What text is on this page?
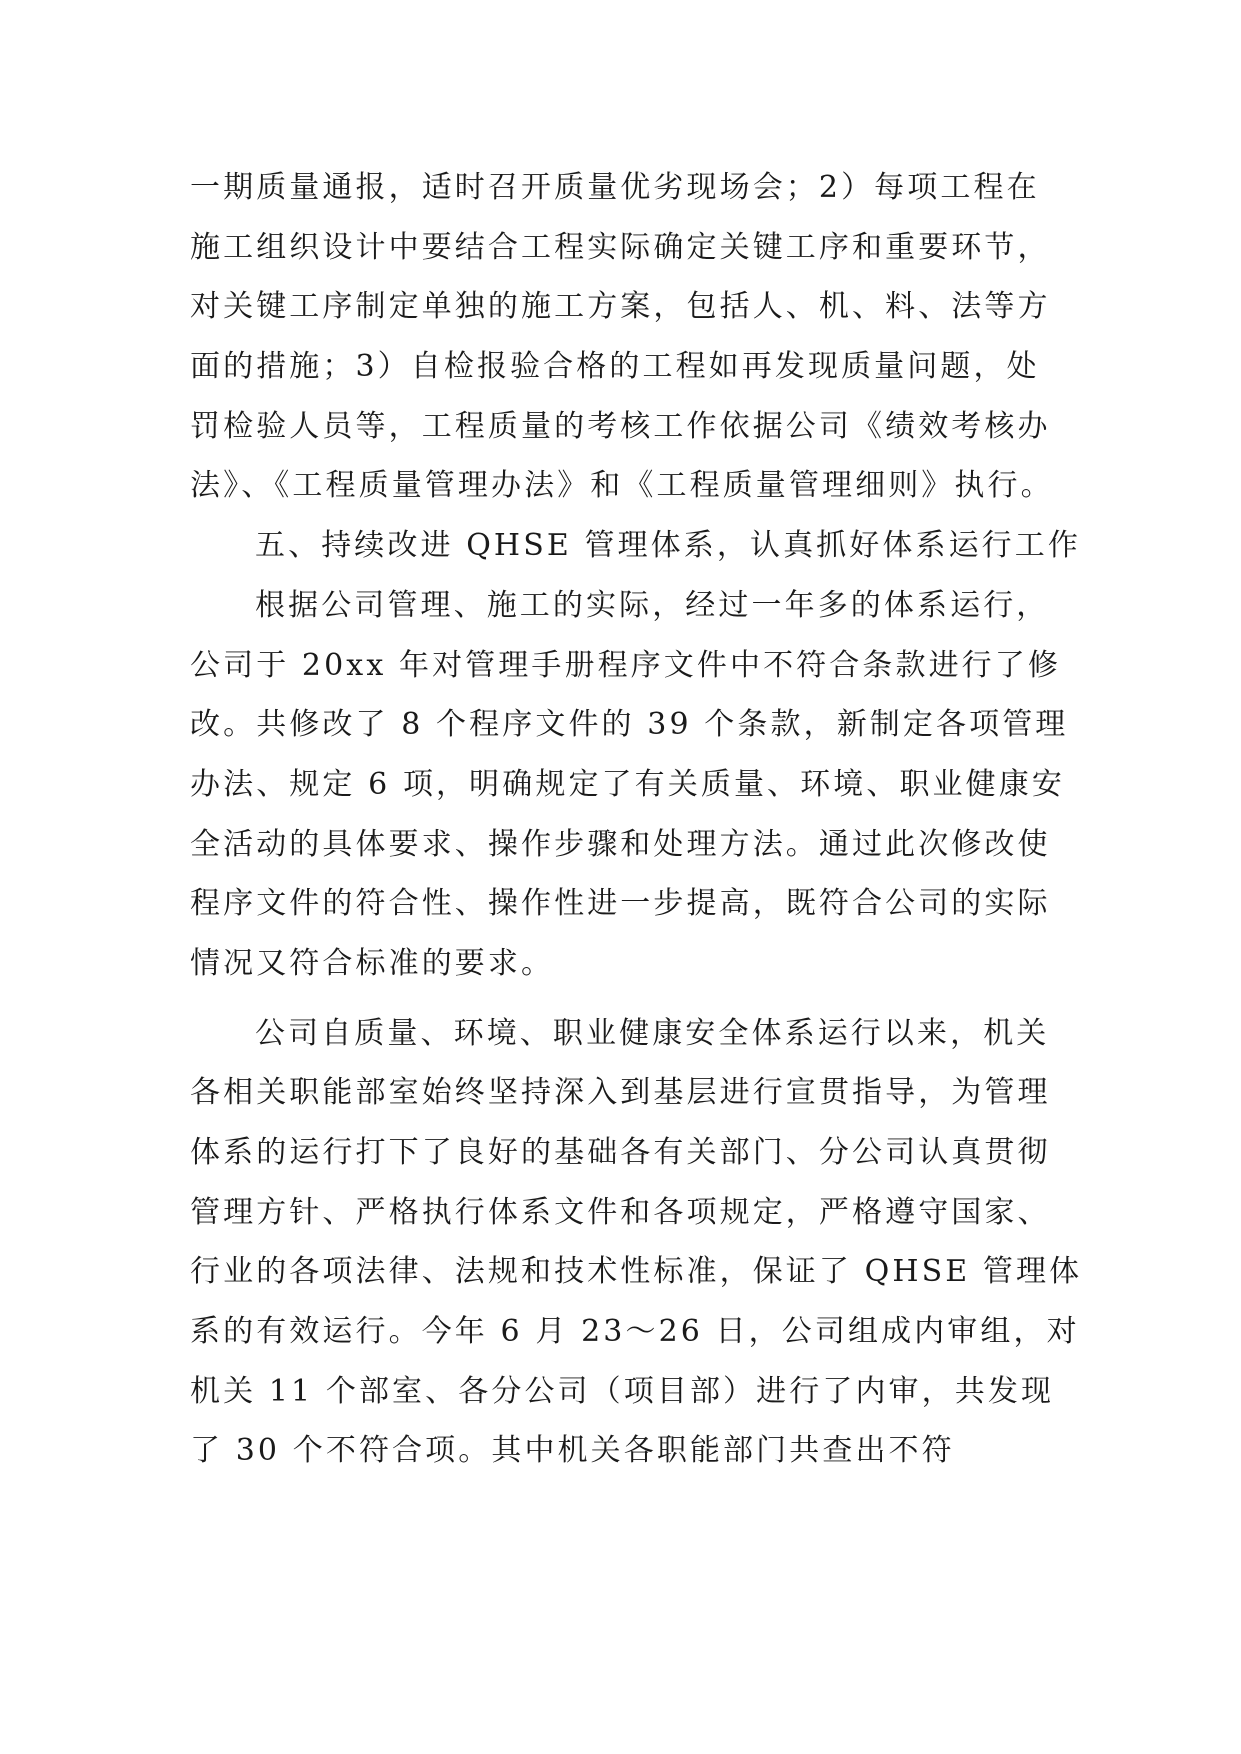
一期质量通报，适时召开质量优劣现场会；2）每项工程在
施工组织设计中要结合工程实际确定关键工序和重要环节，
对关键工序制定单独的施工方案，包括人、机、料、法等方
面的措施；3）自检报验合格的工程如再发现质量问题，处
罚检验人员等，工程质量的考核工作依据公司《绩效考核办
法》、《工程质量管理办法》和《工程质量管理细则》执行。
五、持续改进 QHSE 管理体系，认真抓好体系运行工作
根据公司管理、施工的实际，经过一年多的体系运行，
公司于 20xx 年对管理手册程序文件中不符合条款进行了修
改。共修改了 8 个程序文件的 39 个条款，新制定各项管理
办法、规定 6 项，明确规定了有关质量、环境、职业健康安
全活动的具体要求、操作步骤和处理方法。通过此次修改使
程序文件的符合性、操作性进一步提高，既符合公司的实际
情况又符合标准的要求。
公司自质量、环境、职业健康安全体系运行以来，机关
各相关职能部室始终坚持深入到基层进行宣贯指导，为管理
体系的运行打下了良好的基础各有关部门、分公司认真贯彻
管理方针、严格执行体系文件和各项规定，严格遵守国家、
行业的各项法律、法规和技术性标准，保证了 QHSE 管理体
系的有效运行。今年 6 月 23～26 日，公司组成内审组，对
机关 11 个部室、各分公司（项目部）进行了内审，共发现
了 30 个不符合项。其中机关各职能部门共查出不符
